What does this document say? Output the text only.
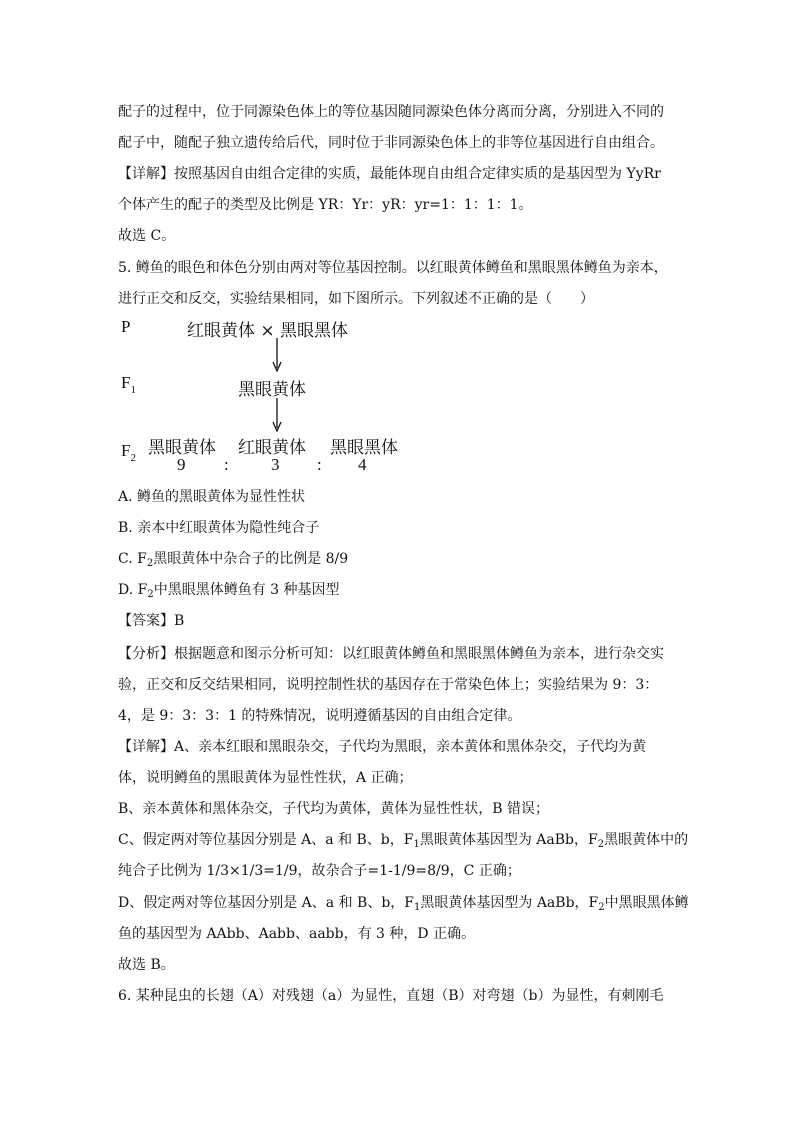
配子的过程中，位于同源染色体上的等位基因随同源染色体分离而分离，分别进入不同的
配子中，随配子独立遗传给后代，同时位于非同源染色体上的非等位基因进行自由组合。
【详解】按照基因自由组合定律的实质，最能体现自由组合定律实质的是基因型为 YyRr
个体产生的配子的类型及比例是 YR：Yr：yR：yr=1：1：1：1。
故选 C。
5. 鳟鱼的眼色和体色分别由两对等位基因控制。以红眼黄体鳟鱼和黑眼黑体鳟鱼为亲本，
进行正交和反交，实验结果相同，如下图所示。下列叙述不正确的是（　　）
P	红眼黄体 × 黑眼黑体
$F_1$	黑眼黄体
$F_2$ 黑眼黄体 红眼黄体 黑眼黑体
9 : 3 : 4
A. 鳟鱼的黑眼黄体为显性性状
B. 亲本中红眼黄体为隐性纯合子
C. $F_2$黑眼黄体中杂合子的比例是 8/9
D. $F_2$中黑眼黑体鳟鱼有 3 种基因型
【答案】B
【分析】根据题意和图示分析可知：以红眼黄体鳟鱼和黑眼黑体鳟鱼为亲本，进行杂交实
验，正交和反交结果相同，说明控制性状的基因存在于常染色体上；实验结果为 9：3：
4，是 9：3：3：1 的特殊情况，说明遵循基因的自由组合定律。
【详解】A、亲本红眼和黑眼杂交，子代均为黑眼，亲本黄体和黑体杂交，子代均为黄
体，说明鳟鱼的黑眼黄体为显性性状，A 正确；
B、亲本黄体和黑体杂交，子代均为黄体，黄体为显性性状，B 错误；
C、假定两对等位基因分别是 A、a 和 B、b，$F_1$黑眼黄体基因型为 AaBb，$F_2$黑眼黄体中的
纯合子比例为 1/3×1/3=1/9，故杂合子=1-1/9=8/9，C 正确；
D、假定两对等位基因分别是 A、a 和 B、b，$F_1$黑眼黄体基因型为 AaBb，$F_2$中黑眼黑体鳟
鱼的基因型为 AAbb、Aabb、aabb，有 3 种，D 正确。
故选 B。
6. 某种昆虫的长翅（A）对残翅（a）为显性，直翅（B）对弯翅（b）为显性，有刺刚毛
